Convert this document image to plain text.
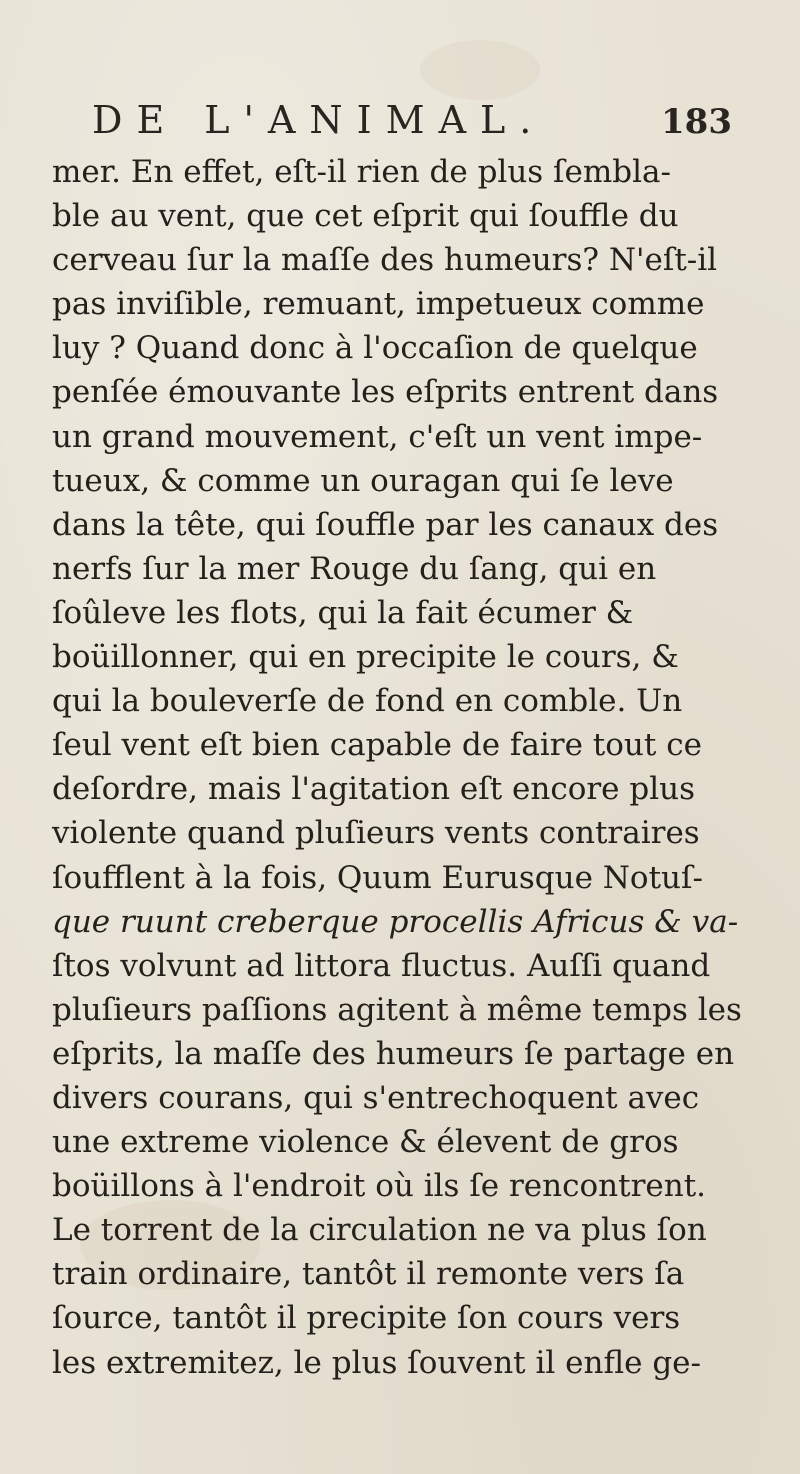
DE L'ANIMAL.	183
mer. En effet, eſt-il rien de plus ſembla-
ble au vent, que cet eſprit qui ſouffle du
cerveau ſur la maſſe des humeurs? N'eſt-il
pas inviſible, remuant, impetueux comme
luy ? Quand donc à l'occaſion de quelque
penſée émouvante les eſprits entrent dans
un grand mouvement, c'eſt un vent impe-
tueux, & comme un ouragan qui ſe leve
dans la tête, qui ſouffle par les canaux des
nerfs ſur la mer Rouge du ſang, qui en
ſoûleve les flots, qui la fait écumer &
boüillonner, qui en precipite le cours, &
qui la bouleverſe de fond en comble. Un
ſeul vent eſt bien capable de faire tout ce
deſordre, mais l'agitation eſt encore plus
violente quand pluſieurs vents contraires
ſoufflent à la fois, Quum Eurusque Notuſ-
que ruunt creberque procellis Africus & va-
ſtos volvunt ad littora fluctus. Auſſi quand
pluſieurs paſſions agitent à même temps les
eſprits, la maſſe des humeurs ſe partage en
divers courans, qui s'entrechoquent avec
une extreme violence & élevent de gros
boüillons à l'endroit où ils ſe rencontrent.
Le torrent de la circulation ne va plus ſon
train ordinaire, tantôt il remonte vers ſa
ſource, tantôt il precipite ſon cours vers
les extremitez, le plus ſouvent il enfle ge-
